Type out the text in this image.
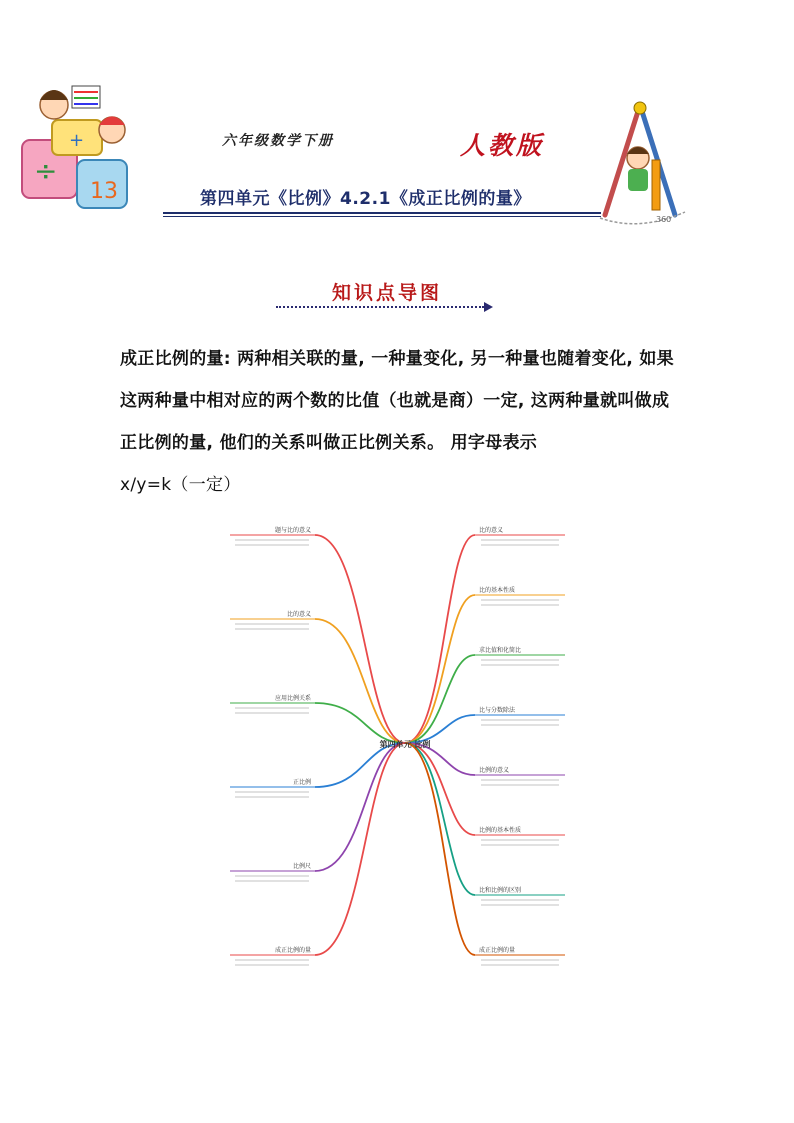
÷
13
+
360
六年级数学下册	人教版
第四单元《比例》4.2.1《成正比例的量》
知识点导图
成正比例的量: 两种相关联的量, 一种量变化, 另一种量也随着变化, 如果这两种量中相对应的两个数的比值（也就是商）一定, 这两种量就叫做成正比例的量, 他们的关系叫做正比例关系。 用字母表示
x/y=k（一定）
题与比的意义
比的意义
应用比例关系
正比例
比例尺
成正比例的量
比的意义
比的基本性质
求比值和化简比
比与分数除法
比例的意义
比例的基本性质
比和比例的区别
成正比例的量
第四单元 比例
